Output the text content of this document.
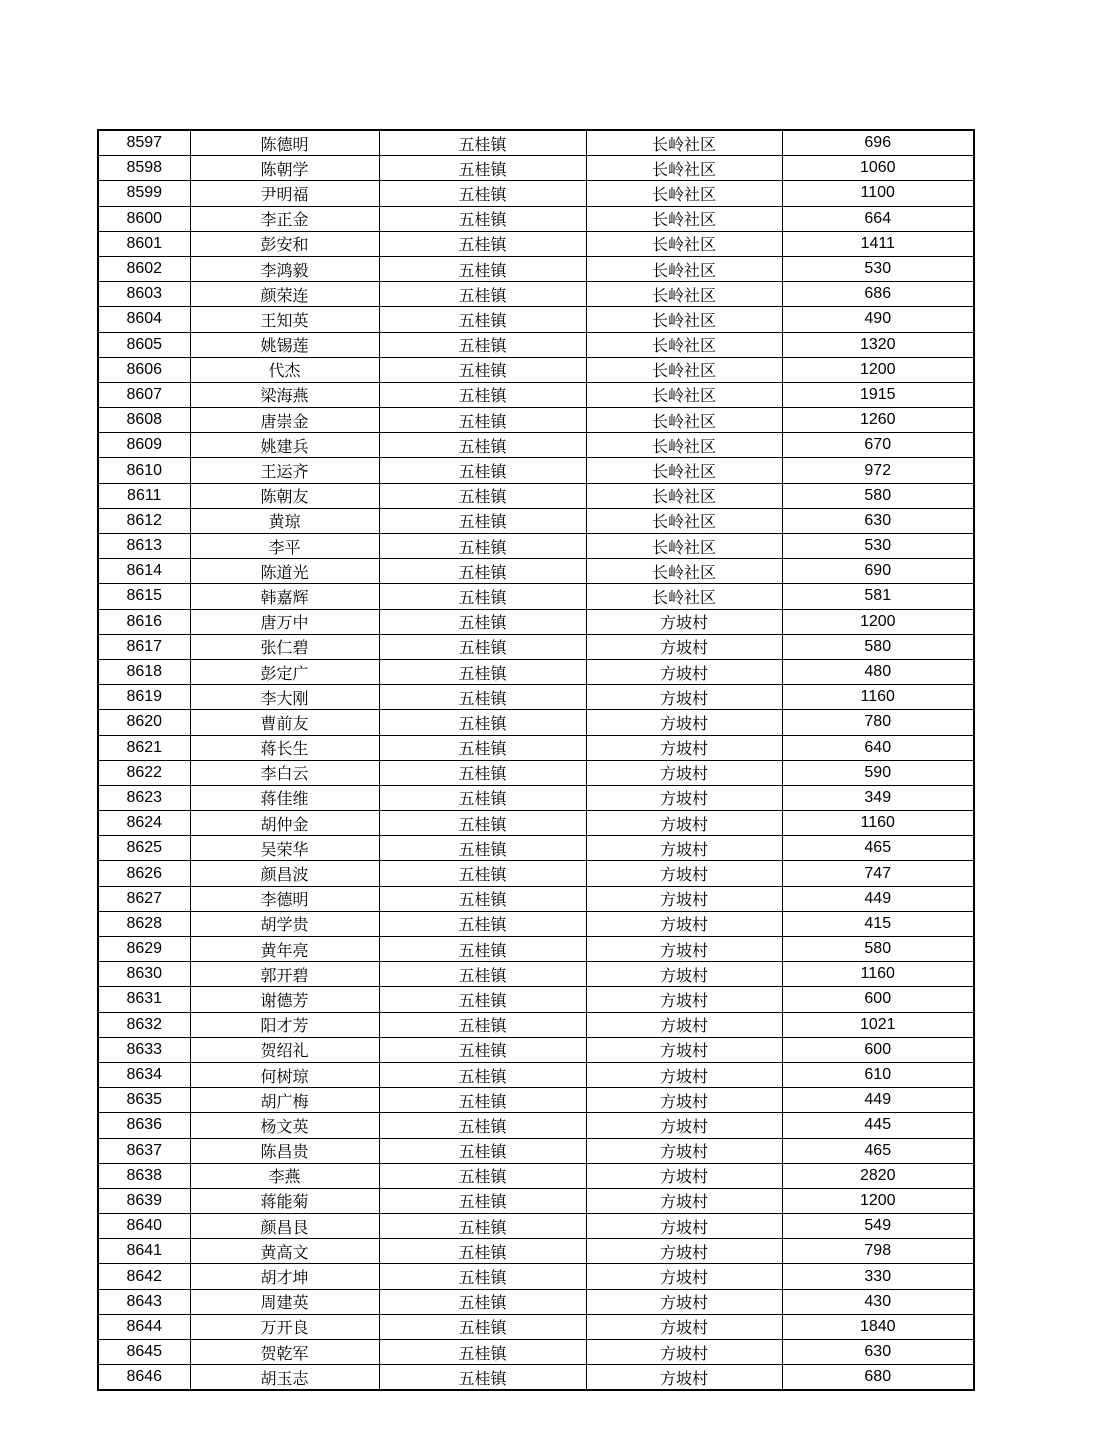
8597	陈德明	五桂镇	长岭社区	696
8598	陈朝学	五桂镇	长岭社区	1060
8599	尹明福	五桂镇	长岭社区	1100
8600	李正金	五桂镇	长岭社区	664
8601	彭安和	五桂镇	长岭社区	1411
8602	李鸿毅	五桂镇	长岭社区	530
8603	颜荣连	五桂镇	长岭社区	686
8604	王知英	五桂镇	长岭社区	490
8605	姚锡莲	五桂镇	长岭社区	1320
8606	代杰	五桂镇	长岭社区	1200
8607	梁海燕	五桂镇	长岭社区	1915
8608	唐崇金	五桂镇	长岭社区	1260
8609	姚建兵	五桂镇	长岭社区	670
8610	王运齐	五桂镇	长岭社区	972
8611	陈朝友	五桂镇	长岭社区	580
8612	黄琼	五桂镇	长岭社区	630
8613	李平	五桂镇	长岭社区	530
8614	陈道光	五桂镇	长岭社区	690
8615	韩嘉辉	五桂镇	长岭社区	581
8616	唐万中	五桂镇	方坡村	1200
8617	张仁碧	五桂镇	方坡村	580
8618	彭定广	五桂镇	方坡村	480
8619	李大刚	五桂镇	方坡村	1160
8620	曹前友	五桂镇	方坡村	780
8621	蒋长生	五桂镇	方坡村	640
8622	李白云	五桂镇	方坡村	590
8623	蒋佳维	五桂镇	方坡村	349
8624	胡仲金	五桂镇	方坡村	1160
8625	吴荣华	五桂镇	方坡村	465
8626	颜昌波	五桂镇	方坡村	747
8627	李德明	五桂镇	方坡村	449
8628	胡学贵	五桂镇	方坡村	415
8629	黄年亮	五桂镇	方坡村	580
8630	郭开碧	五桂镇	方坡村	1160
8631	谢德芳	五桂镇	方坡村	600
8632	阳才芳	五桂镇	方坡村	1021
8633	贺绍礼	五桂镇	方坡村	600
8634	何树琼	五桂镇	方坡村	610
8635	胡广梅	五桂镇	方坡村	449
8636	杨文英	五桂镇	方坡村	445
8637	陈昌贵	五桂镇	方坡村	465
8638	李燕	五桂镇	方坡村	2820
8639	蒋能菊	五桂镇	方坡村	1200
8640	颜昌艮	五桂镇	方坡村	549
8641	黄高文	五桂镇	方坡村	798
8642	胡才坤	五桂镇	方坡村	330
8643	周建英	五桂镇	方坡村	430
8644	万开良	五桂镇	方坡村	1840
8645	贺乾军	五桂镇	方坡村	630
8646	胡玉志	五桂镇	方坡村	680
